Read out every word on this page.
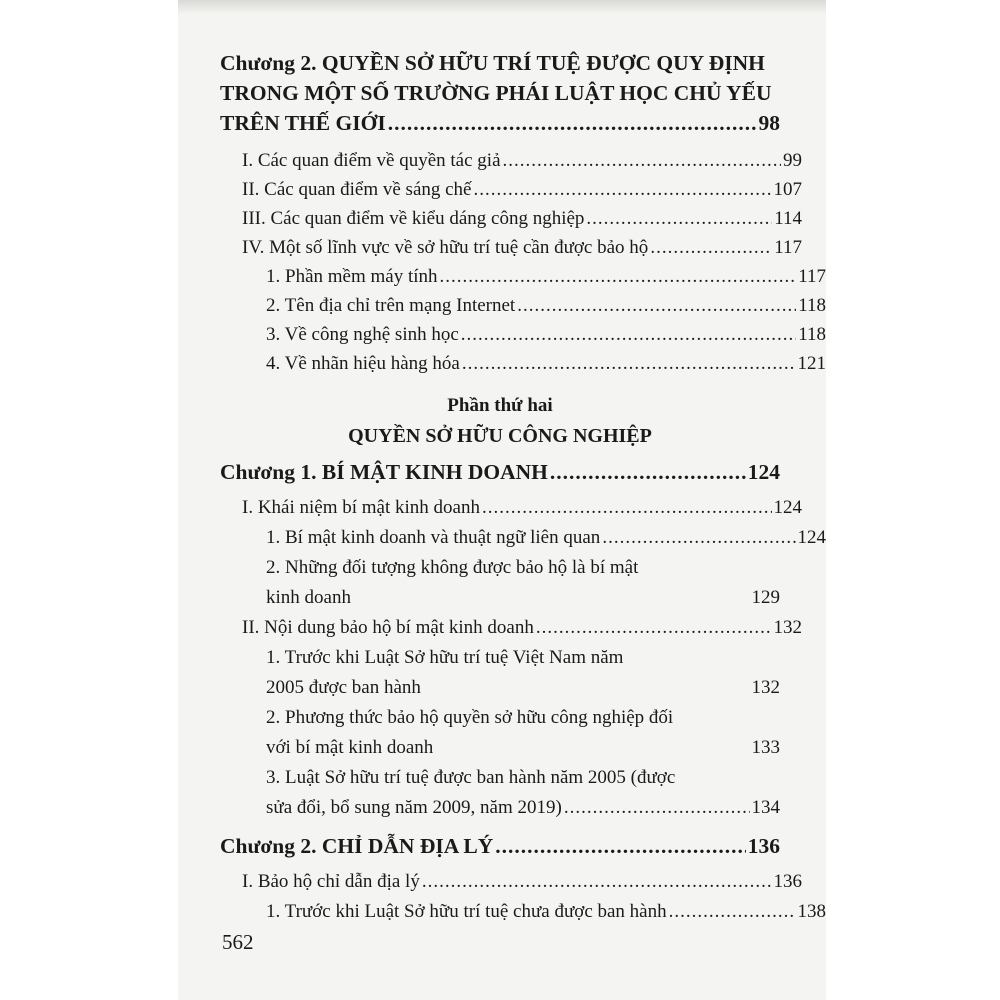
Chương 2. QUYỀN SỞ HỮU TRÍ TUỆ ĐƯỢC QUY ĐỊNH
TRONG MỘT SỐ TRƯỜNG PHÁI LUẬT HỌC CHỦ YẾU
TRÊN THẾ GIỚI .....	98
I. Các quan điểm về quyền tác giả .....	99
II. Các quan điểm về sáng chế .....	107
III. Các quan điểm về kiểu dáng công nghiệp .....	114
IV. Một số lĩnh vực về sở hữu trí tuệ cần được bảo hộ .....	117
1. Phần mềm máy tính .....	117
2. Tên địa chỉ trên mạng Internet .....	118
3. Về công nghệ sinh học .....	118
4. Về nhãn hiệu hàng hóa .....	121
Phần thứ hai
QUYỀN SỞ HỮU CÔNG NGHIỆP
Chương 1. BÍ MẬT KINH DOANH .....	124
I. Khái niệm bí mật kinh doanh .....	124
1. Bí mật kinh doanh và thuật ngữ liên quan .....	124
2. Những đối tượng không được bảo hộ là bí mật
kinh doanh	129
II. Nội dung bảo hộ bí mật kinh doanh .....	132
1. Trước khi Luật Sở hữu trí tuệ Việt Nam năm
2005 được ban hành	132
2. Phương thức bảo hộ quyền sở hữu công nghiệp đối
với bí mật kinh doanh	133
3. Luật Sở hữu trí tuệ được ban hành năm 2005 (được
sửa đổi, bổ sung năm 2009, năm 2019) .....	134
Chương 2. CHỈ DẪN ĐỊA LÝ .....	136
I. Bảo hộ chỉ dẫn địa lý .....	136
1. Trước khi Luật Sở hữu trí tuệ chưa được ban hành .....	138
562
